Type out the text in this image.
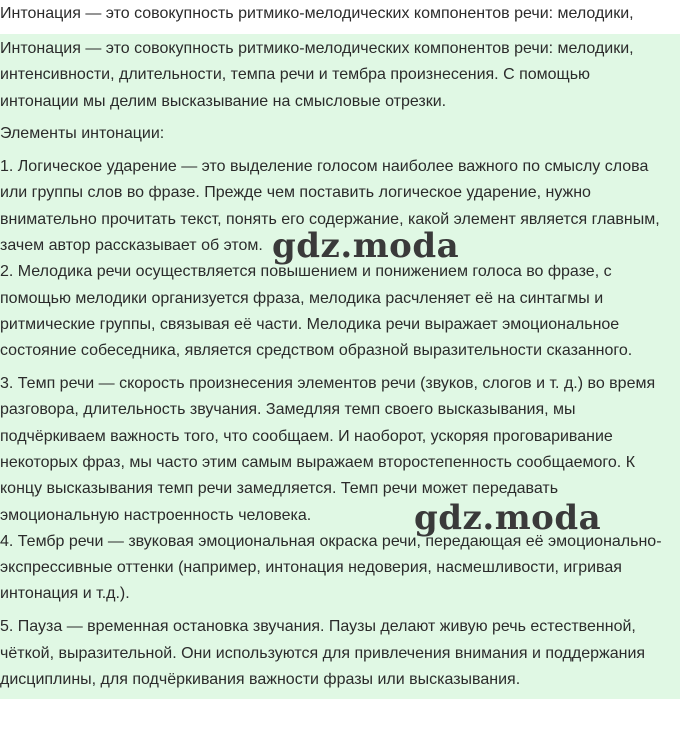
Интонация — это совокупность ритмико-мелодических компонентов речи: мелодики,

Интонация — это совокупность ритмико-мелодических компонентов речи: мелодики,

интенсивности, длительности, темпа речи и тембра произнесения. С помощью

интонации мы делим высказывание на смысловые отрезки.

Элементы интонации:

1. Логическое ударение — это выделение голосом наиболее важного по смыслу слова

или группы слов во фразе. Прежде чем поставить логическое ударение, нужно

внимательно прочитать текст, понять его содержание, какой элемент является главным,

зачем автор рассказывает об этом.

2. Мелодика речи осуществляется повышением и понижением голоса во фразе, с

помощью мелодики организуется фраза, мелодика расчленяет её на синтагмы и

ритмические группы, связывая её части. Мелодика речи выражает эмоциональное

состояние собеседника, является средством образной выразительности сказанного.

3. Темп речи — скорость произнесения элементов речи (звуков, слогов и т. д.) во время

разговора, длительность звучания. Замедляя темп своего высказывания, мы

подчёркиваем важность того, что сообщаем. И наоборот, ускоряя проговаривание

некоторых фраз, мы часто этим самым выражаем второстепенность сообщаемого. К

концу высказывания темп речи замедляется. Темп речи может передавать

эмоциональную настроенность человека.

4. Тембр речи — звуковая эмоциональная окраска речи, передающая её эмоционально-

экспрессивные оттенки (например, интонация недоверия, насмешливости, игривая

интонация и т.д.).

5. Пауза — временная остановка звучания. Паузы делают живую речь естественной,

чёткой, выразительной. Они используются для привлечения внимания и поддержания

дисциплины, для подчёркивания важности фразы или высказывания.

gdz.moda
gdz.moda
